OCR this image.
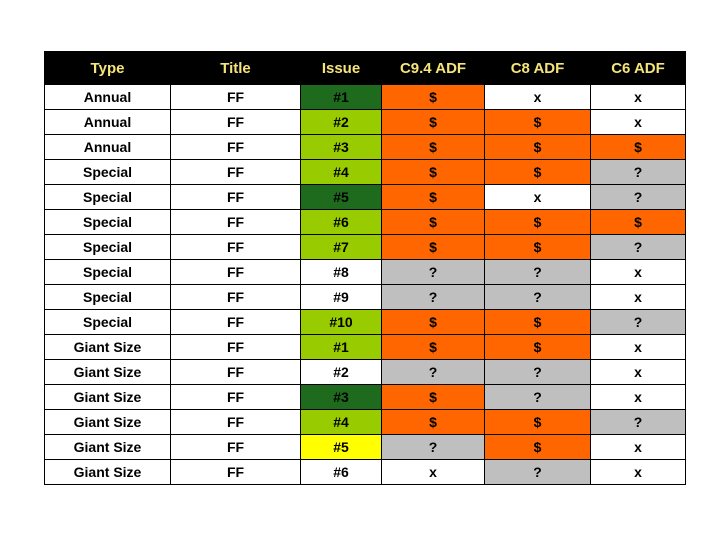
Type	Title	Issue	C9.4 ADF	C8 ADF	C6 ADF
Annual	FF	#1	$	x	x
Annual	FF	#2	$	$	x
Annual	FF	#3	$	$	$
Special	FF	#4	$	$	?
Special	FF	#5	$	x	?
Special	FF	#6	$	$	$
Special	FF	#7	$	$	?
Special	FF	#8	?	?	x
Special	FF	#9	?	?	x
Special	FF	#10	$	$	?
Giant Size	FF	#1	$	$	x
Giant Size	FF	#2	?	?	x
Giant Size	FF	#3	$	?	x
Giant Size	FF	#4	$	$	?
Giant Size	FF	#5	?	$	x
Giant Size	FF	#6	x	?	x
